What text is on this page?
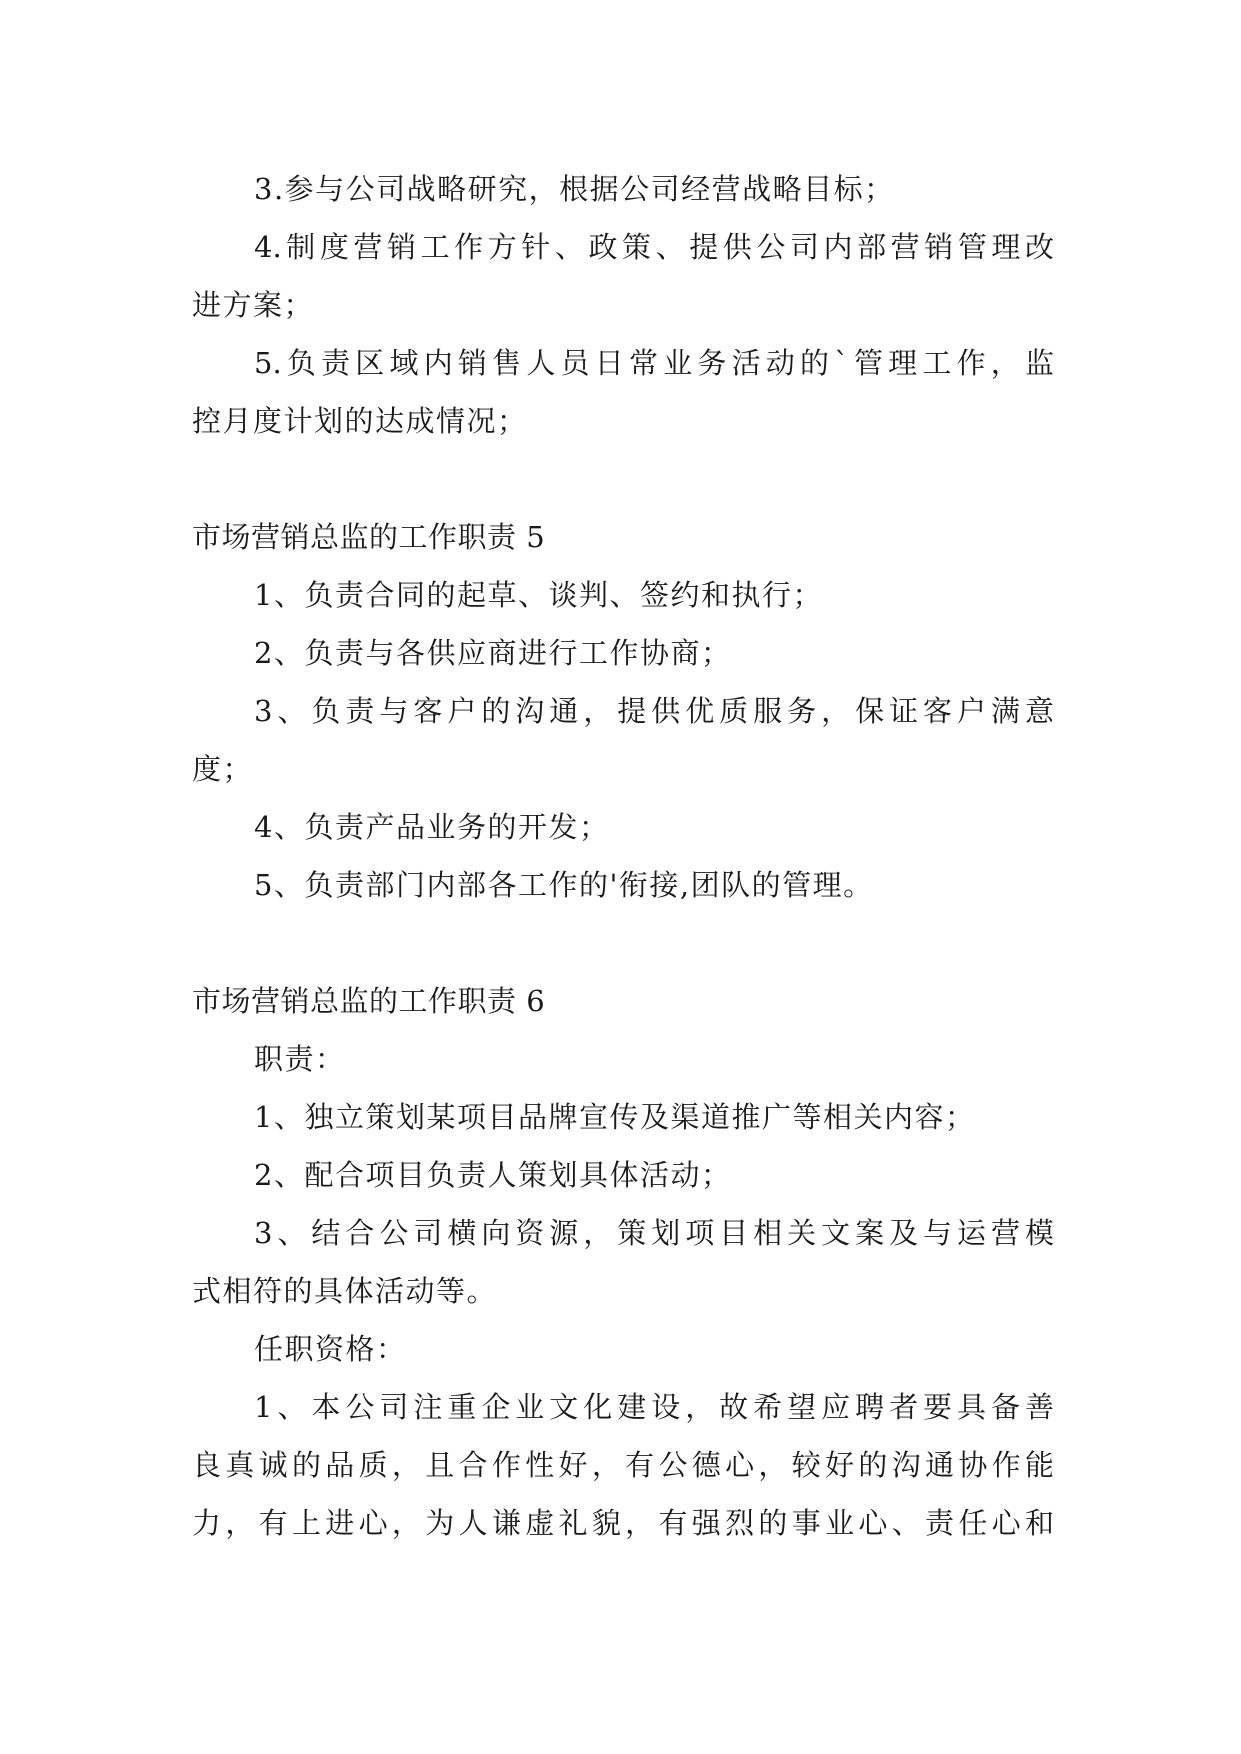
3.参与公司战略研究，根据公司经营战略目标；
4.制度营销工作方针、政策、提供公司内部营销管理改
进方案；
5.负责区域内销售人员日常业务活动的`管理工作，监
控月度计划的达成情况；
市场营销总监的工作职责 5
1、负责合同的起草、谈判、签约和执行；
2、负责与各供应商进行工作协商；
3、负责与客户的沟通，提供优质服务，保证客户满意
度；
4、负责产品业务的开发；
5、负责部门内部各工作的'衔接,团队的管理。
市场营销总监的工作职责 6
职责：
1、独立策划某项目品牌宣传及渠道推广等相关内容；
2、配合项目负责人策划具体活动；
3、结合公司横向资源，策划项目相关文案及与运营模
式相符的具体活动等。
任职资格：
1、本公司注重企业文化建设，故希望应聘者要具备善
良真诚的品质，且合作性好，有公德心，较好的沟通协作能
力，有上进心，为人谦虚礼貌，有强烈的事业心、责任心和
